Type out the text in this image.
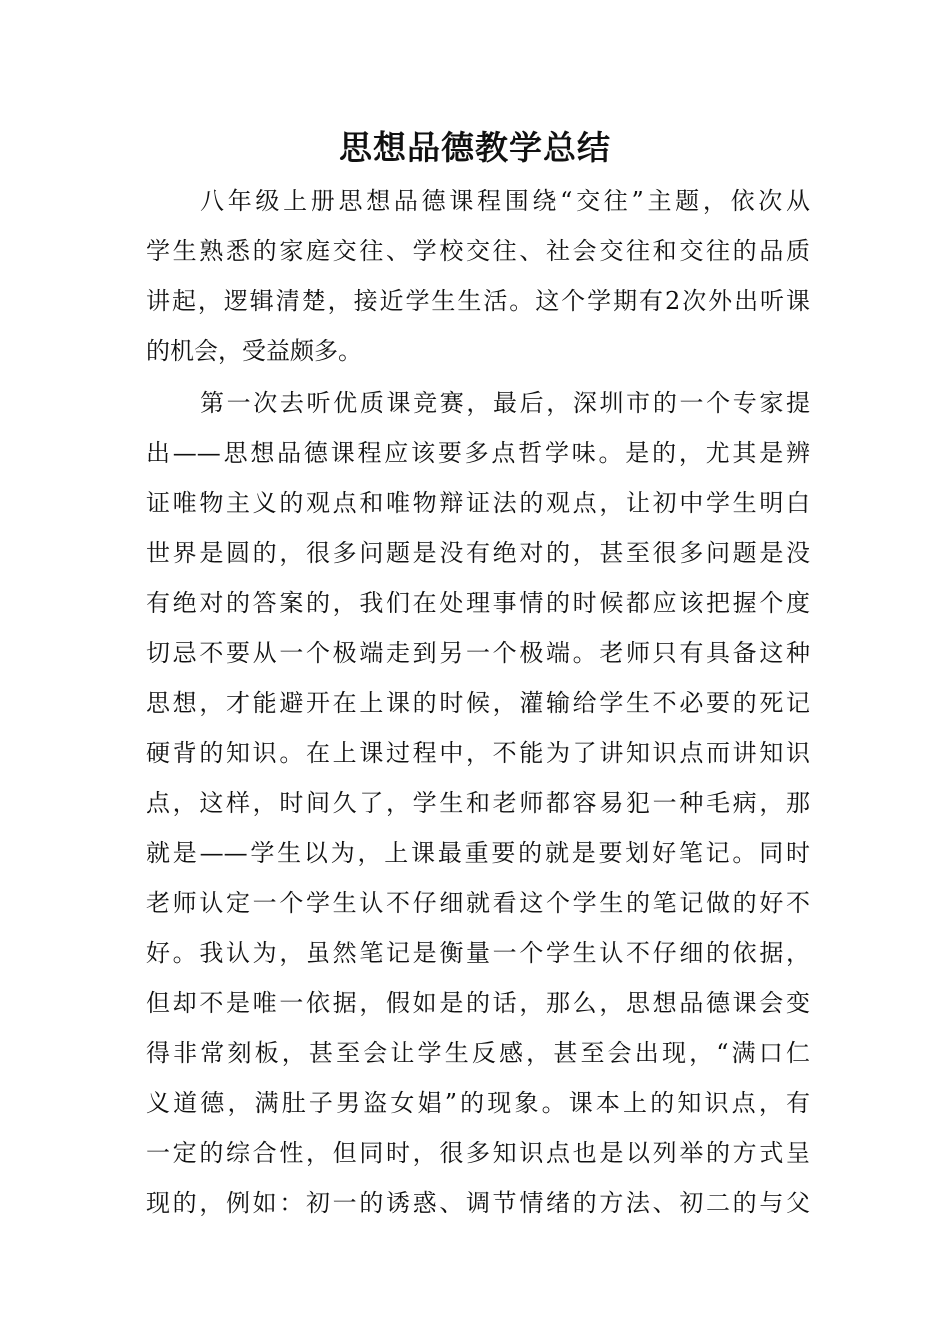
思想品德教学总结
八年级上册思想品德课程围绕“交往”主题，依次从
学生熟悉的家庭交往、学校交往、社会交往和交往的品质
讲起，逻辑清楚，接近学生生活。这个学期有2次外出听课
的机会，受益颇多。
第一次去听优质课竞赛，最后，深圳市的一个专家提
出——思想品德课程应该要多点哲学味。是的，尤其是辨
证唯物主义的观点和唯物辩证法的观点，让初中学生明白
世界是圆的，很多问题是没有绝对的，甚至很多问题是没
有绝对的答案的，我们在处理事情的时候都应该把握个度
切忌不要从一个极端走到另一个极端。老师只有具备这种
思想，才能避开在上课的时候，灌输给学生不必要的死记
硬背的知识。在上课过程中，不能为了讲知识点而讲知识
点，这样，时间久了，学生和老师都容易犯一种毛病，那
就是——学生以为，上课最重要的就是要划好笔记。同时
老师认定一个学生认不仔细就看这个学生的笔记做的好不
好。我认为，虽然笔记是衡量一个学生认不仔细的依据，
但却不是唯一依据，假如是的话，那么，思想品德课会变
得非常刻板，甚至会让学生反感，甚至会出现，“满口仁
义道德，满肚子男盗女娼”的现象。课本上的知识点，有
一定的综合性，但同时，很多知识点也是以列举的方式呈
现的，例如：初一的诱惑、调节情绪的方法、初二的与父
